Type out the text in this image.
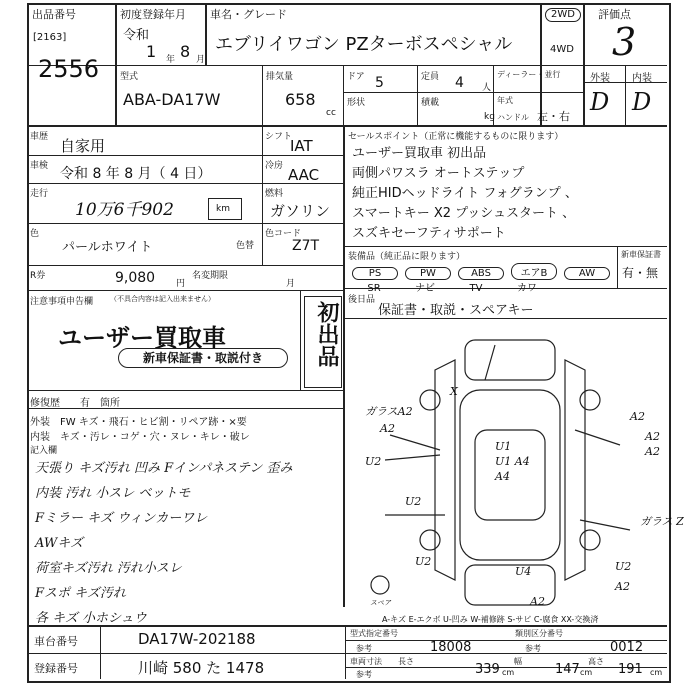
出品番号
[2163]
2556
初度登録年月
令和
1 年 8 月
車名・グレード
エブリイワゴン PZターボスペシャル
2WD
4WD
評価点
3
型式
ABA-DA17W
排気量
658
cc
ドア 5	定員 4 人
形状	積載
kg
ディーラー・並行
年式
ハンドル 左・右
外装 内装
D D
車歴 自家用
車検 令和 8 年 8 月（ 4 日）
走行
10万6千902	km
色
パールホワイト	色替
シフト
IAT
冷房 AAC
燃料
ガソリン
色コード
Z7T
R券	9,080 円
名変期限
月
セールスポイント（正常に機能するものに限ります）
ユーザー買取車 初出品
両側パワスラ オートステップ
純正HIDヘッドライト フォグランプ 、
スマートキー X2 プッシュスタート 、
スズキセーフティサポート
装備品（純正品に限ります）
PS	PW	ABS	エアB	AW
SR	ナビ	TV	カワ
新車保証書
有・無
後日品
保証書・取説・スペアキー
注意事項申告欄 （不具合内容は記入出来ません）
ユーザー買取車
新車保証書・取説付き	初出品
修復歴 有 箇所
外装 FW キズ・飛石・ヒビ割・リペア跡・×要
内装 キズ・汚レ・コゲ・穴・ヌレ・キレ・破レ
記入欄
天張り キズ汚れ 凹み Fインパネステン 歪み
内装 汚れ 小スレ ベットモ
Fミラー キズ ウィンカーワレ
AWキズ
荷室キズ汚れ 汚れ小スレ
Fスポ キズ汚れ
各 キズ 小ホシュウ
ガラスA2
A2
U2
A2
A2
A2
U1
A4
U1 A4
U2
U2
U4
スペア	A2
ガラス Z
X
U2
A2
A-キズ E-エクボ U-凹み W-補修跡 S-サビ C-腐食 XX-交換済
車台番号	DA17W-202188
登録番号	川崎 580 た 1478
型式指定番号
参考	18008
類別区分番号
参考	0012
車両寸法
参考
長さ
339 cm
幅
147 cm
高さ
191 cm
